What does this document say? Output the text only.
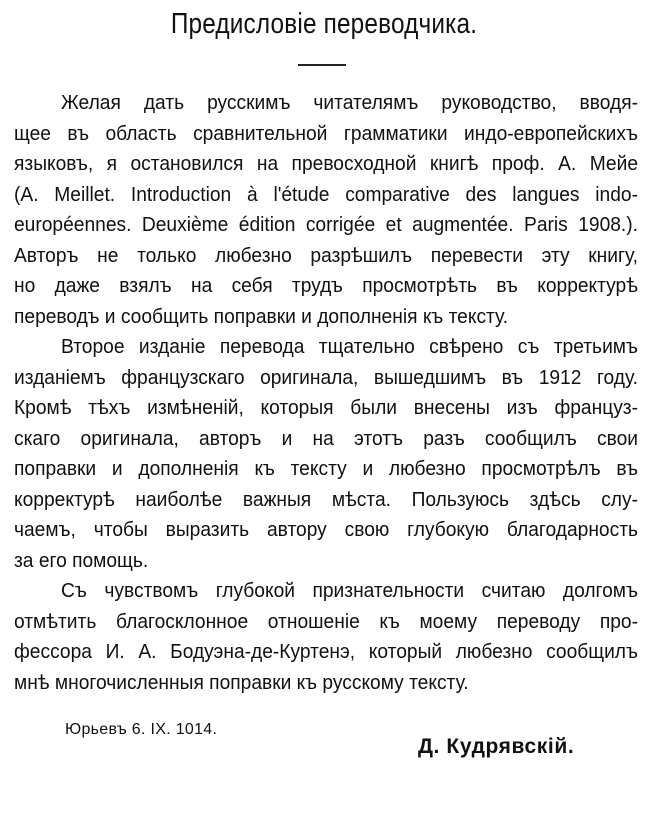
Предисловіе переводчика.
Желая дать русскимъ читателямъ руководство, вводя-
щее въ область сравнительной грамматики индо-европейскихъ
языковъ, я остановился на превосходной книгѣ проф. А. Мейе
(A. Meillet. Introduction à l'étude comparative des langues indo-
européennes. Deuxième édition corrigée et augmentée. Paris 1908.).
Авторъ не только любезно разрѣшилъ перевести эту книгу,
но даже взялъ на себя трудъ просмотрѣть въ корректурѣ
переводъ и сообщить поправки и дополненія къ тексту.
Второе изданіе перевода тщательно свѣрено съ третьимъ
изданіемъ французскаго оригинала, вышедшимъ въ 1912 году.
Кромѣ тѣхъ измѣненій, которыя были внесены изъ француз-
скаго оригинала, авторъ и на этотъ разъ сообщилъ свои
поправки и дополненія къ тексту и любезно просмотрѣлъ въ
корректурѣ наиболѣе важныя мѣста. Пользуюсь здѣсь слу-
чаемъ, чтобы выразить автору свою глубокую благодарность
за его помощь.
Съ чувствомъ глубокой признательности считаю долгомъ
отмѣтить благосклонное отношеніе къ моему переводу про-
фессора И. А. Бодуэна-де-Куртенэ, который любезно сообщилъ
мнѣ многочисленныя поправки къ русскому тексту.
Юрьевъ 6. IX. 1014.
Д. Кудрявскій.
